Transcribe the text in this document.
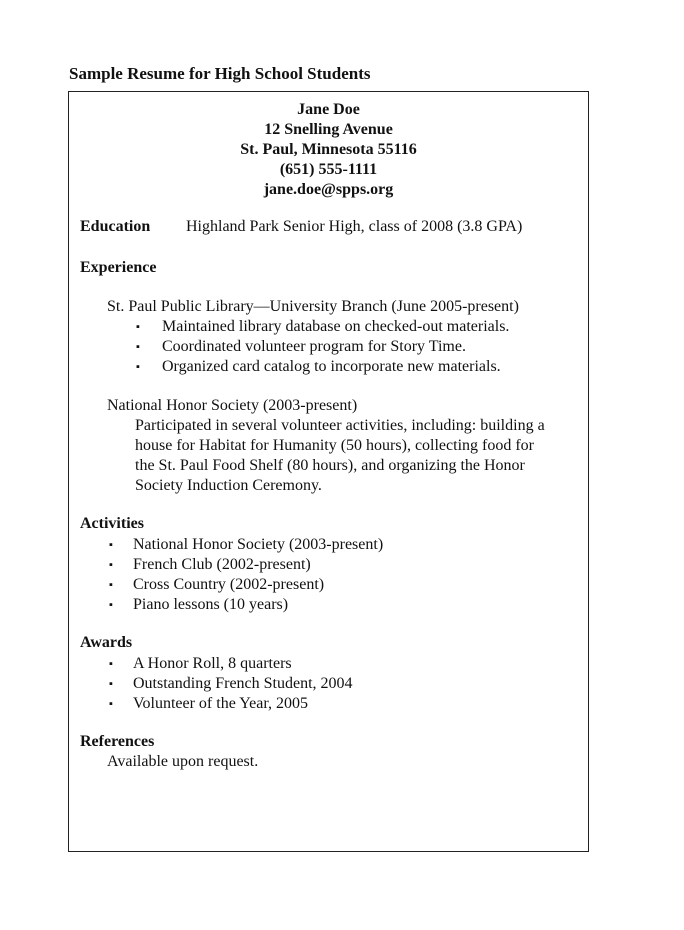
Sample Resume for High School Students
Jane Doe
12 Snelling Avenue
St. Paul, Minnesota 55116
(651) 555-1111
jane.doe@spps.org
Education Highland Park Senior High, class of 2008 (3.8 GPA)
Experience
St. Paul Public Library—University Branch (June 2005-present)
▪ Maintained library database on checked-out materials.
▪ Coordinated volunteer program for Story Time.
▪ Organized card catalog to incorporate new materials.
National Honor Society (2003-present)
Participated in several volunteer activities, including: building a
house for Habitat for Humanity (50 hours), collecting food for
the St. Paul Food Shelf (80 hours), and organizing the Honor
Society Induction Ceremony.
Activities
▪ National Honor Society (2003-present)
▪ French Club (2002-present)
▪ Cross Country (2002-present)
▪ Piano lessons (10 years)
Awards
▪ A Honor Roll, 8 quarters
▪ Outstanding French Student, 2004
▪ Volunteer of the Year, 2005
References
Available upon request.
